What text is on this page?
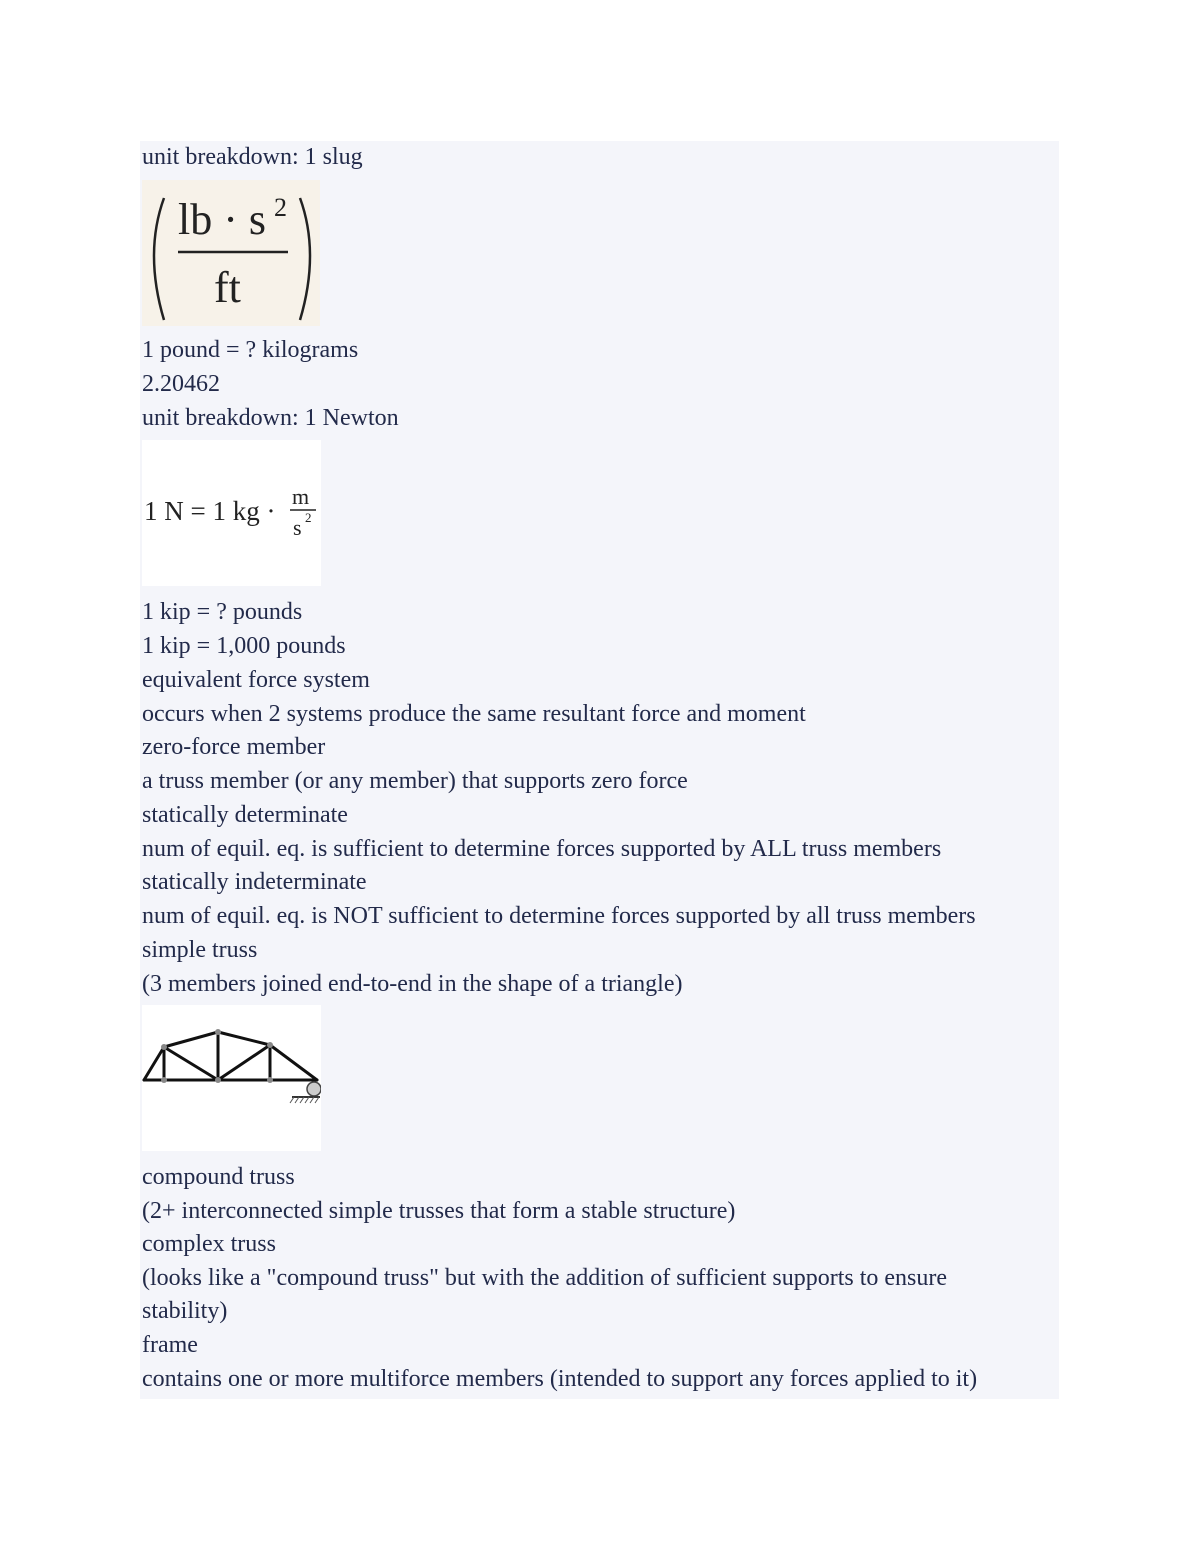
unit breakdown: 1 slug
lb · s 2
ft
1 pound = ? kilograms
2.20462
unit breakdown: 1 Newton
1 N = 1 kg · m
s 2
1 kip = ? pounds
1 kip = 1,000 pounds
equivalent force system
occurs when 2 systems produce the same resultant force and moment
zero-force member
a truss member (or any member) that supports zero force
statically determinate
num of equil. eq. is sufficient to determine forces supported by ALL truss members
statically indeterminate
num of equil. eq. is NOT sufficient to determine forces supported by all truss members
simple truss
(3 members joined end-to-end in the shape of a triangle)
compound truss
(2+ interconnected simple trusses that form a stable structure)
complex truss
(looks like a "compound truss" but with the addition of sufficient supports to ensure
stability)
frame
contains one or more multiforce members (intended to support any forces applied to it)
